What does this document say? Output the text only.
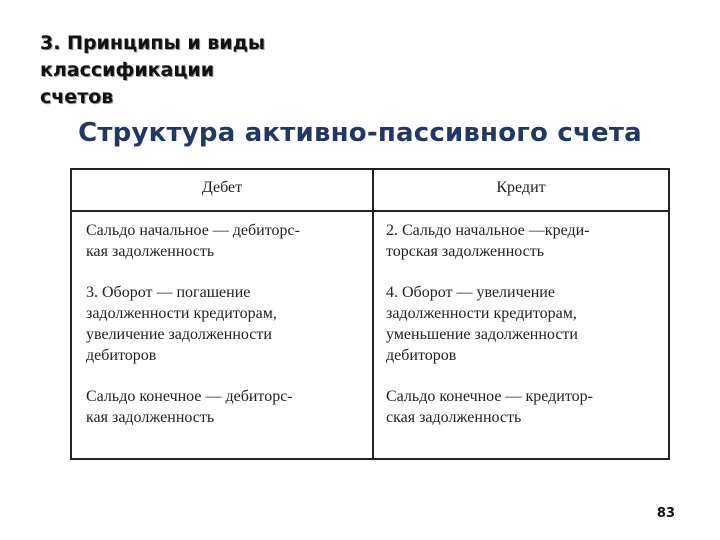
3. Принципы и виды
классификации
счетов
Структура активно-пассивного счета
Дебет	Кредит

Сальдо начальное — дебиторс-
кая задолженность

3. Оборот — погашение
задолженности кредиторам,
увеличение задолженности
дебиторов

Сальдо конечное — дебиторс-
кая задолженность

2. Сальдо начальное —креди-
торская задолженность

4. Оборот — увеличение
задолженности кредиторам,
уменьшение задолженности
дебиторов

Сальдо конечное — кредитор-
ская задолженность

83
